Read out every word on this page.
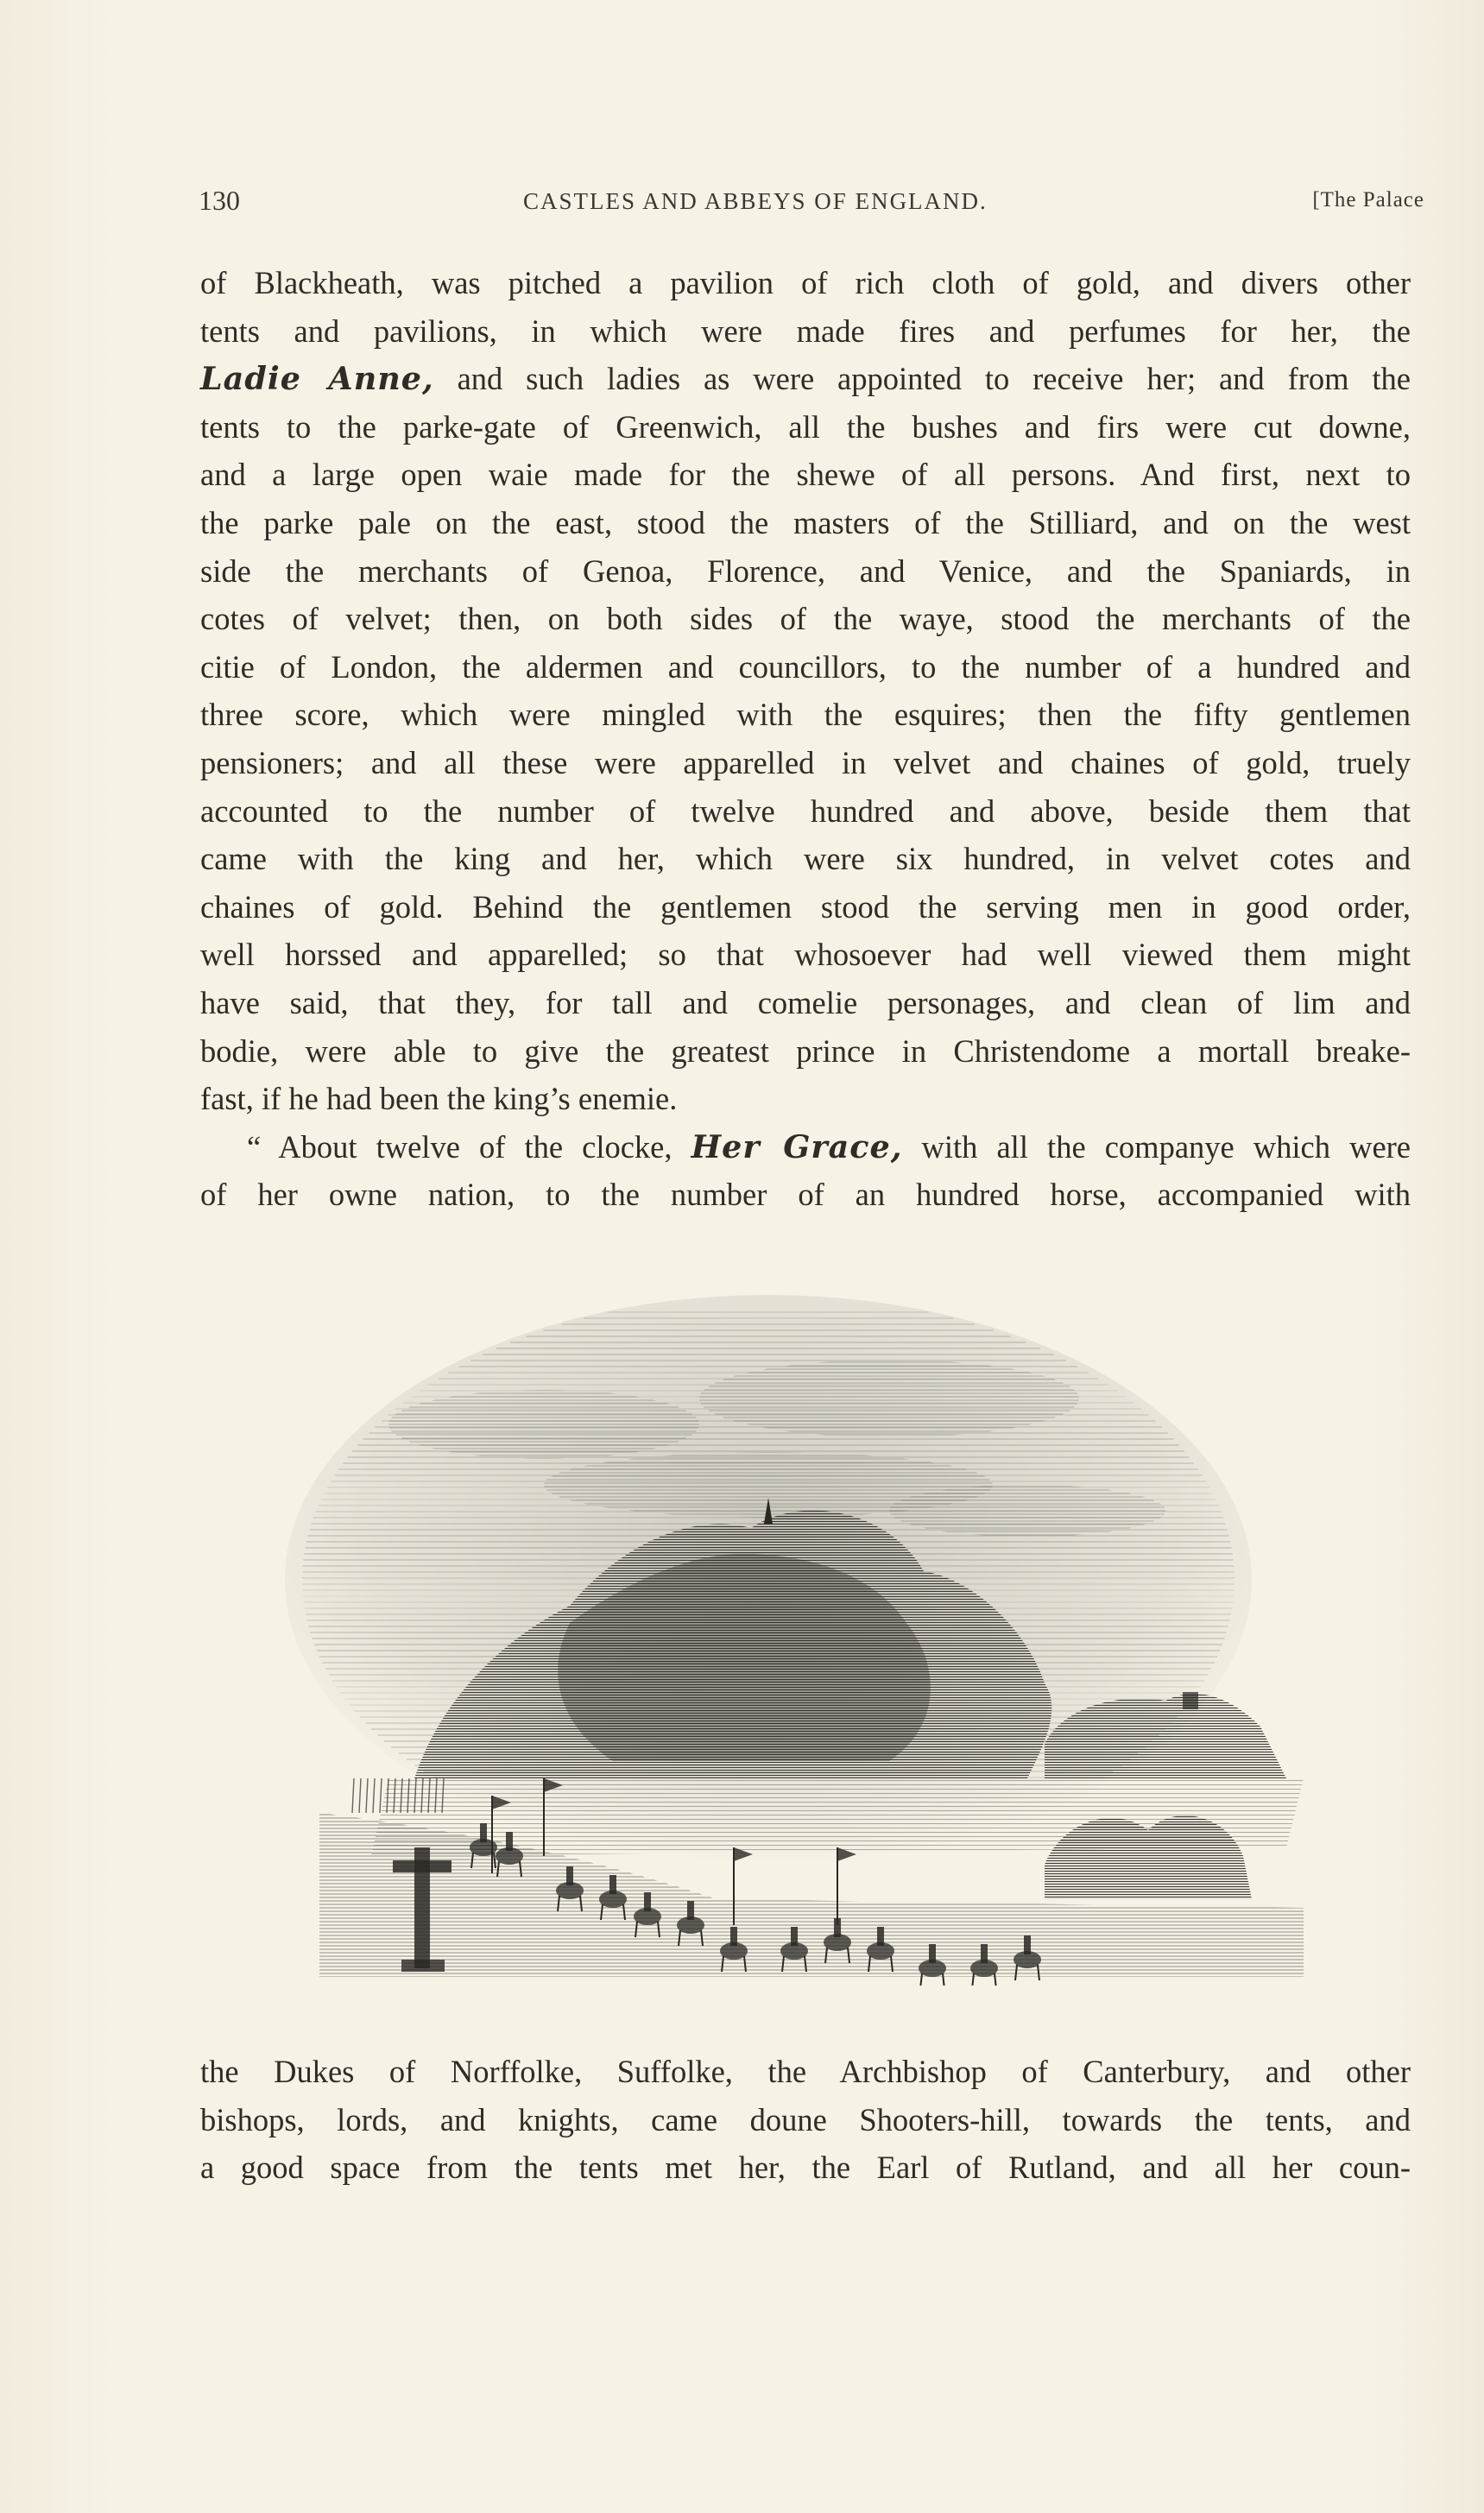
130	CASTLES AND ABBEYS OF ENGLAND.	[The Palace
of Blackheath, was pitched a pavilion of rich cloth of gold, and divers other
tents and pavilions, in which were made fires and perfumes for her, the
Ladie Anne, and such ladies as were appointed to receive her; and from the
tents to the parke-gate of Greenwich, all the bushes and firs were cut downe,
and a large open waie made for the shewe of all persons. And first, next to
the parke pale on the east, stood the masters of the Stilliard, and on the west
side the merchants of Genoa, Florence, and Venice, and the Spaniards, in
cotes of velvet; then, on both sides of the waye, stood the merchants of the
citie of London, the aldermen and councillors, to the number of a hundred and
three score, which were mingled with the esquires; then the fifty gentlemen
pensioners; and all these were apparelled in velvet and chaines of gold, truely
accounted to the number of twelve hundred and above, beside them that
came with the king and her, which were six hundred, in velvet cotes and
chaines of gold. Behind the gentlemen stood the serving men in good order,
well horssed and apparelled; so that whosoever had well viewed them might
have said, that they, for tall and comelie personages, and clean of lim and
bodie, were able to give the greatest prince in Christendome a mortall breake-
fast, if he had been the king’s enemie.
“ About twelve of the clocke, Her Grace, with all the companye which were
of her owne nation, to the number of an hundred horse, accompanied with
the Dukes of Norffolke, Suffolke, the Archbishop of Canterbury, and other
bishops, lords, and knights, came doune Shooters-hill, towards the tents, and
a good space from the tents met her, the Earl of Rutland, and all her coun-
